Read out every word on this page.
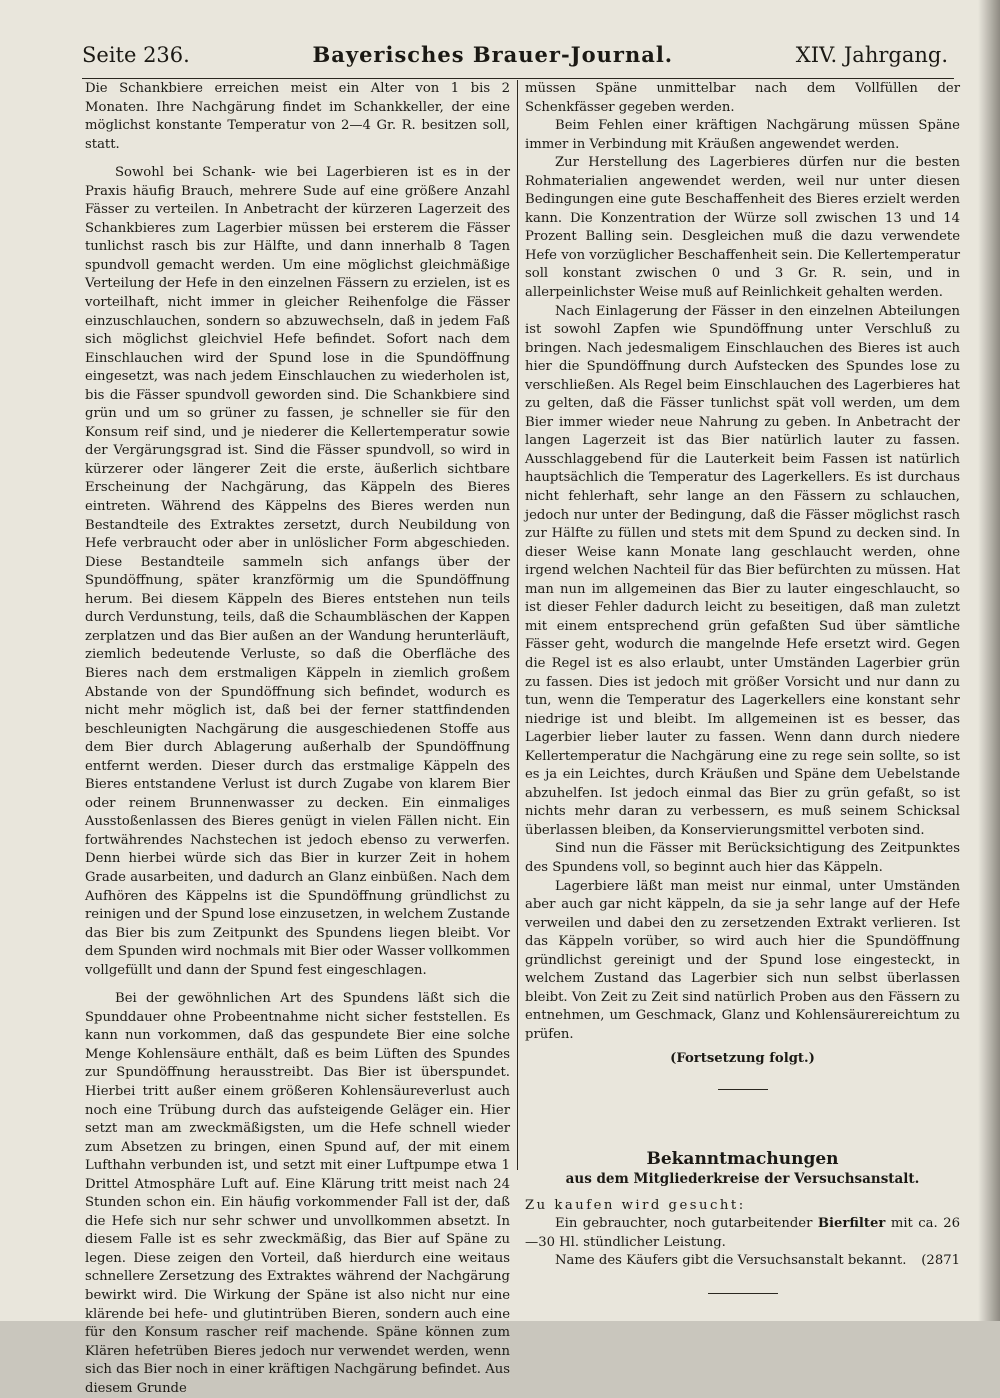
Seite 236.	Bayerisches Brauer-Journal.	XIV. Jahrgang.

Die Schankbiere erreichen meist ein Alter von 1 bis 2 Monaten. Ihre Nachgärung findet im Schankkeller, der eine möglichst konstante Temperatur von 2—4 Gr. R. besitzen soll, statt.

Sowohl bei Schank- wie bei Lagerbieren ist es in der Praxis häufig Brauch, mehrere Sude auf eine größere Anzahl Fässer zu verteilen. In Anbetracht der kürzeren Lagerzeit des Schankbieres zum Lagerbier müssen bei ersterem die Fässer tunlichst rasch bis zur Hälfte, und dann innerhalb 8 Tagen spundvoll gemacht werden. Um eine möglichst gleichmäßige Verteilung der Hefe in den einzelnen Fässern zu erzielen, ist es vorteilhaft, nicht immer in gleicher Reihenfolge die Fässer einzuschlauchen, sondern so abzuwechseln, daß in jedem Faß sich möglichst gleichviel Hefe befindet. Sofort nach dem Einschlauchen wird der Spund lose in die Spundöffnung eingesetzt, was nach jedem Einschlauchen zu wiederholen ist, bis die Fässer spundvoll geworden sind. Die Schankbiere sind grün und um so grüner zu fassen, je schneller sie für den Konsum reif sind, und je niederer die Kellertemperatur sowie der Vergärungsgrad ist. Sind die Fässer spundvoll, so wird in kürzerer oder längerer Zeit die erste, äußerlich sichtbare Erscheinung der Nachgärung, das Käppeln des Bieres eintreten. Während des Käppelns des Bieres werden nun Bestandteile des Extraktes zersetzt, durch Neubildung von Hefe verbraucht oder aber in unlöslicher Form abgeschieden. Diese Bestandteile sammeln sich anfangs über der Spundöffnung, später kranzförmig um die Spundöffnung herum. Bei diesem Käppeln des Bieres entstehen nun teils durch Verdunstung, teils, daß die Schaumbläschen der Kappen zerplatzen und das Bier außen an der Wandung herunterläuft, ziemlich bedeutende Verluste, so daß die Oberfläche des Bieres nach dem erstmaligen Käppeln in ziemlich großem Abstande von der Spundöffnung sich befindet, wodurch es nicht mehr möglich ist, daß bei der ferner stattfindenden beschleunigten Nachgärung die ausgeschiedenen Stoffe aus dem Bier durch Ablagerung außerhalb der Spundöffnung entfernt werden. Dieser durch das erstmalige Käppeln des Bieres entstandene Verlust ist durch Zugabe von klarem Bier oder reinem Brunnenwasser zu decken. Ein einmaliges Ausstoßenlassen des Bieres genügt in vielen Fällen nicht. Ein fortwährendes Nachstechen ist jedoch ebenso zu verwerfen. Denn hierbei würde sich das Bier in kurzer Zeit in hohem Grade ausarbeiten, und dadurch an Glanz einbüßen. Nach dem Aufhören des Käppelns ist die Spundöffnung gründlichst zu reinigen und der Spund lose einzusetzen, in welchem Zustande das Bier bis zum Zeitpunkt des Spundens liegen bleibt. Vor dem Spunden wird nochmals mit Bier oder Wasser vollkommen vollgefüllt und dann der Spund fest eingeschlagen.

Bei der gewöhnlichen Art des Spundens läßt sich die Spunddauer ohne Probeentnahme nicht sicher feststellen. Es kann nun vorkommen, daß das gespundete Bier eine solche Menge Kohlensäure enthält, daß es beim Lüften des Spundes zur Spundöffnung herausstreibt. Das Bier ist überspundet. Hierbei tritt außer einem größeren Kohlensäureverlust auch noch eine Trübung durch das aufsteigende Geläger ein. Hier setzt man am zweckmäßigsten, um die Hefe schnell wieder zum Absetzen zu bringen, einen Spund auf, der mit einem Lufthahn verbunden ist, und setzt mit einer Luftpumpe etwa 1 Drittel Atmosphäre Luft auf. Eine Klärung tritt meist nach 24 Stunden schon ein. Ein häufig vorkommender Fall ist der, daß die Hefe sich nur sehr schwer und unvollkommen absetzt. In diesem Falle ist es sehr zweckmäßig, das Bier auf Späne zu legen. Diese zeigen den Vorteil, daß hierdurch eine weitaus schnellere Zersetzung des Extraktes während der Nachgärung bewirkt wird. Die Wirkung der Späne ist also nicht nur eine klärende bei hefe- und glutintrüben Bieren, sondern auch eine für den Konsum rascher reif machende. Späne können zum Klären hefetrüben Bieres jedoch nur verwendet werden, wenn sich das Bier noch in einer kräftigen Nachgärung befindet. Aus diesem Grunde

müssen Späne unmittelbar nach dem Vollfüllen der Schenkfässer gegeben werden.

Beim Fehlen einer kräftigen Nachgärung müssen Späne immer in Verbindung mit Kräußen angewendet werden.

Zur Herstellung des Lagerbieres dürfen nur die besten Rohmaterialien angewendet werden, weil nur unter diesen Bedingungen eine gute Beschaffenheit des Bieres erzielt werden kann. Die Konzentration der Würze soll zwischen 13 und 14 Prozent Balling sein. Desgleichen muß die dazu verwendete Hefe von vorzüglicher Beschaffenheit sein. Die Kellertemperatur soll konstant zwischen 0 und 3 Gr. R. sein, und in allerpeinlichster Weise muß auf Reinlichkeit gehalten werden.

Nach Einlagerung der Fässer in den einzelnen Abteilungen ist sowohl Zapfen wie Spundöffnung unter Verschluß zu bringen. Nach jedesmaligem Einschlauchen des Bieres ist auch hier die Spundöffnung durch Aufstecken des Spundes lose zu verschließen. Als Regel beim Einschlauchen des Lagerbieres hat zu gelten, daß die Fässer tunlichst spät voll werden, um dem Bier immer wieder neue Nahrung zu geben. In Anbetracht der langen Lagerzeit ist das Bier natürlich lauter zu fassen. Ausschlaggebend für die Lauterkeit beim Fassen ist natürlich hauptsächlich die Temperatur des Lagerkellers. Es ist durchaus nicht fehlerhaft, sehr lange an den Fässern zu schlauchen, jedoch nur unter der Bedingung, daß die Fässer möglichst rasch zur Hälfte zu füllen und stets mit dem Spund zu decken sind. In dieser Weise kann Monate lang geschlaucht werden, ohne irgend welchen Nachteil für das Bier befürchten zu müssen. Hat man nun im allgemeinen das Bier zu lauter eingeschlaucht, so ist dieser Fehler dadurch leicht zu beseitigen, daß man zuletzt mit einem entsprechend grün gefaßten Sud über sämtliche Fässer geht, wodurch die mangelnde Hefe ersetzt wird. Gegen die Regel ist es also erlaubt, unter Umständen Lagerbier grün zu fassen. Dies ist jedoch mit größer Vorsicht und nur dann zu tun, wenn die Temperatur des Lagerkellers eine konstant sehr niedrige ist und bleibt. Im allgemeinen ist es besser, das Lagerbier lieber lauter zu fassen. Wenn dann durch niedere Kellertemperatur die Nachgärung eine zu rege sein sollte, so ist es ja ein Leichtes, durch Kräußen und Späne dem Uebelstande abzuhelfen. Ist jedoch einmal das Bier zu grün gefaßt, so ist nichts mehr daran zu verbessern, es muß seinem Schicksal überlassen bleiben, da Konservierungsmittel verboten sind.

Sind nun die Fässer mit Berücksichtigung des Zeitpunktes des Spundens voll, so beginnt auch hier das Käppeln.

Lagerbiere läßt man meist nur einmal, unter Umständen aber auch gar nicht käppeln, da sie ja sehr lange auf der Hefe verweilen und dabei den zu zersetzenden Extrakt verlieren. Ist das Käppeln vorüber, so wird auch hier die Spundöffnung gründlichst gereinigt und der Spund lose eingesteckt, in welchem Zustand das Lagerbier sich nun selbst überlassen bleibt. Von Zeit zu Zeit sind natürlich Proben aus den Fässern zu entnehmen, um Geschmack, Glanz und Kohlensäurereichtum zu prüfen.

(Fortsetzung folgt.)

Bekanntmachungen

aus dem Mitgliederkreise der Versuchsanstalt.

Zu kaufen wird gesucht:

Ein gebrauchter, noch gutarbeitender Bierfilter mit ca. 26—30 Hl. stündlicher Leistung.

Name des Käufers gibt die Versuchsanstalt bekannt. (2871
